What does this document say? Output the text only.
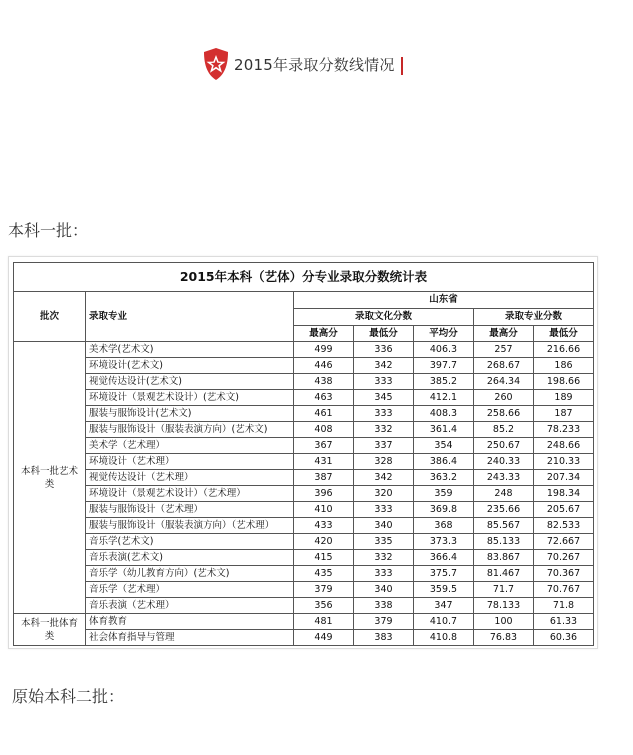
2015年录取分数线情况
本科一批：
2015年本科（艺体）分专业录取分数统计表						
批次	录取专业	山东省				
		录取文化分数			录取专业分数	
		最高分	最低分	平均分	最高分	最低分
本科一批艺术类	美术学(艺术文)	499	336	406.3	257	216.66
	环境设计(艺术文)	446	342	397.7	268.67	186
	视觉传达设计(艺术文)	438	333	385.2	264.34	198.66
	环境设计（景观艺术设计）(艺术文)	463	345	412.1	260	189
	服装与服饰设计(艺术文)	461	333	408.3	258.66	187
	服装与服饰设计（服装表演方向）(艺术文)	408	332	361.4	85.2	78.233
	美术学（艺术理）	367	337	354	250.67	248.66
	环境设计（艺术理）	431	328	386.4	240.33	210.33
	视觉传达设计（艺术理）	387	342	363.2	243.33	207.34
	环境设计（景观艺术设计）（艺术理）	396	320	359	248	198.34
	服装与服饰设计（艺术理）	410	333	369.8	235.66	205.67
	服装与服饰设计（服装表演方向）（艺术理）	433	340	368	85.567	82.533
	音乐学(艺术文)	420	335	373.3	85.133	72.667
	音乐表演(艺术文)	415	332	366.4	83.867	70.267
	音乐学（幼儿教育方向）(艺术文)	435	333	375.7	81.467	70.367
	音乐学（艺术理）	379	340	359.5	71.7	70.767
	音乐表演（艺术理）	356	338	347	78.133	71.8
本科一批体育类	体育教育	481	379	410.7	100	61.33
	社会体育指导与管理	449	383	410.8	76.83	60.36
原始本科二批：
